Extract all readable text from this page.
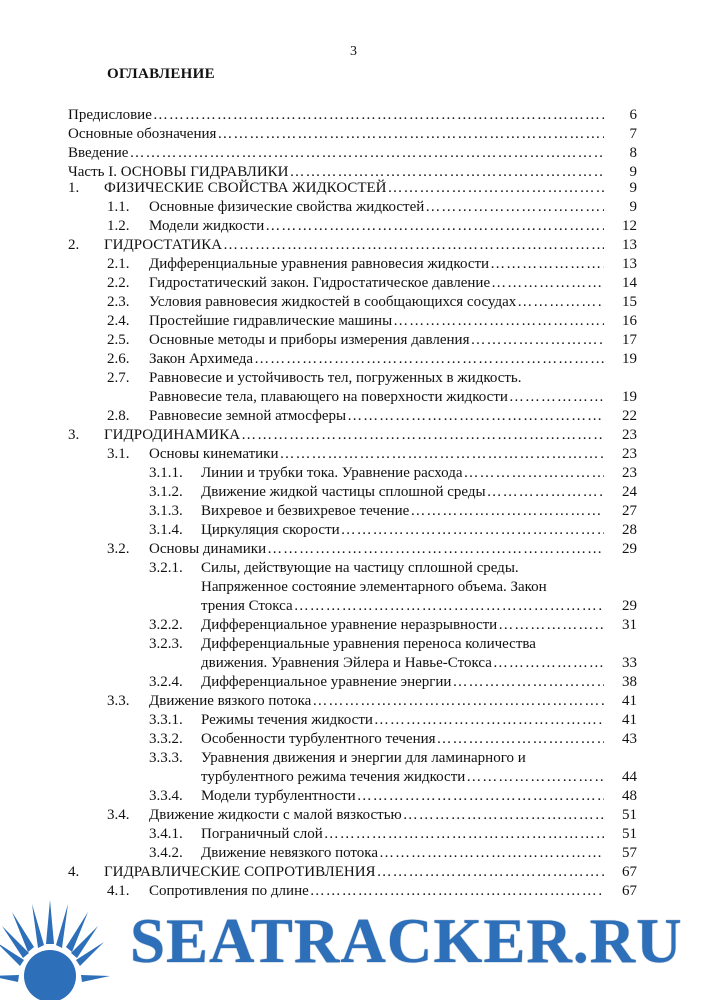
3
ОГЛАВЛЕНИЕ
Предисловие …………………………………………………………………………………………………………	6
Основные обозначения …………………………………………………………………………………………………………	7
Введение …………………………………………………………………………………………………………	8
Часть I. ОСНОВЫ ГИДРАВЛИКИ …………………………………………………………………………………………………………	9
1. ФИЗИЧЕСКИЕ СВОЙСТВА ЖИДКОСТЕЙ …………………………………………………………………………………………………………	9
1.1. Основные физические свойства жидкостей …………………………………………………………………………………………………………	9
1.2. Модели жидкости …………………………………………………………………………………………………………	12
2. ГИДРОСТАТИКА …………………………………………………………………………………………………………	13
2.1. Дифференциальные уравнения равновесия жидкости …………………………………………………………………………………………………………	13
2.2. Гидростатический закон. Гидростатическое давление …………………………………………………………………………………………………………	14
2.3. Условия равновесия жидкостей в сообщающихся сосудах …………………………………………………………………………………………………………	15
2.4. Простейшие гидравлические машины …………………………………………………………………………………………………………	16
2.5. Основные методы и приборы измерения давления …………………………………………………………………………………………………………	17
2.6. Закон Архимеда …………………………………………………………………………………………………………	19
2.7. Равновесие и устойчивость тел, погруженных в жидкость.
Равновесие тела, плавающего на поверхности жидкости …………………………………………………………………………………………………………	19
2.8. Равновесие земной атмосферы …………………………………………………………………………………………………………	22
3. ГИДРОДИНАМИКА …………………………………………………………………………………………………………	23
3.1. Основы кинематики …………………………………………………………………………………………………………	23
3.1.1. Линии и трубки тока. Уравнение расхода …………………………………………………………………………………………………………	23
3.1.2. Движение жидкой частицы сплошной среды …………………………………………………………………………………………………………	24
3.1.3. Вихревое и безвихревое течение …………………………………………………………………………………………………………	27
3.1.4. Циркуляция скорости …………………………………………………………………………………………………………	28
3.2. Основы динамики …………………………………………………………………………………………………………	29
3.2.1. Силы, действующие на частицу сплошной среды.
Напряженное состояние элементарного объема. Закон
трения Стокса …………………………………………………………………………………………………………	29
3.2.2. Дифференциальное уравнение неразрывности …………………………………………………………………………………………………………	31
3.2.3. Дифференциальные уравнения переноса количества
движения. Уравнения Эйлера и Навье-Стокса …………………………………………………………………………………………………………	33
3.2.4. Дифференциальное уравнение энергии …………………………………………………………………………………………………………	38
3.3. Движение вязкого потока …………………………………………………………………………………………………………	41
3.3.1. Режимы течения жидкости …………………………………………………………………………………………………………	41
3.3.2. Особенности турбулентного течения …………………………………………………………………………………………………………	43
3.3.3. Уравнения движения и энергии для ламинарного и
турбулентного режима течения жидкости …………………………………………………………………………………………………………	44
3.3.4. Модели турбулентности …………………………………………………………………………………………………………	48
3.4. Движение жидкости с малой вязкостью …………………………………………………………………………………………………………	51
3.4.1. Пограничный слой …………………………………………………………………………………………………………	51
3.4.2. Движение невязкого потока …………………………………………………………………………………………………………	57
4. ГИДРАВЛИЧЕСКИЕ СОПРОТИВЛЕНИЯ …………………………………………………………………………………………………………	67
4.1. Сопротивления по длине …………………………………………………………………………………………………………	67
SEATRACKER.RU
